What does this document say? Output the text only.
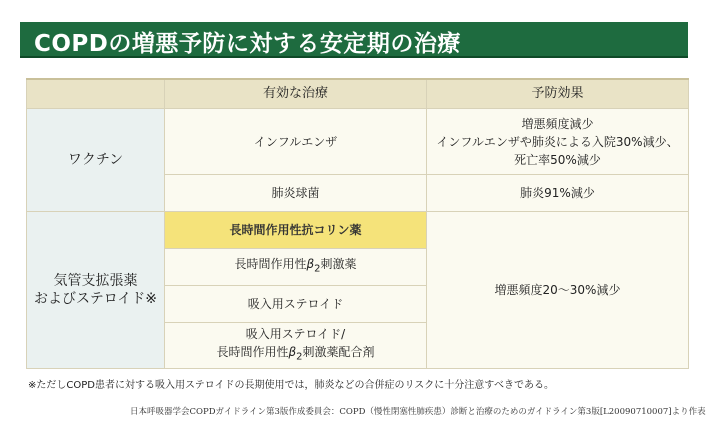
COPDの増悪予防に対する安定期の治療
	有効な治療	予防効果
ワクチン	インフルエンザ	増悪頻度減少
インフルエンザや肺炎による入院30%減少、
死亡率50%減少

	肺炎球菌	肺炎91%減少

気管支拡張薬
およびステロイド※	長時間作用性抗コリン薬	増悪頻度20～30%減少
	長時間作用性$\beta_2$刺激薬	
	吸入用ステロイド	

	吸入用ステロイド/
長時間作用性$\beta_2$刺激薬配合剤	
※ただしCOPD患者に対する吸入用ステロイドの長期使用では，肺炎などの合併症のリスクに十分注意すべきである。
日本呼吸器学会COPDガイドライン第3版作成委員会：COPD（慢性閉塞性肺疾患）診断と治療のためのガイドライン第3版[L20090710007]より作表
